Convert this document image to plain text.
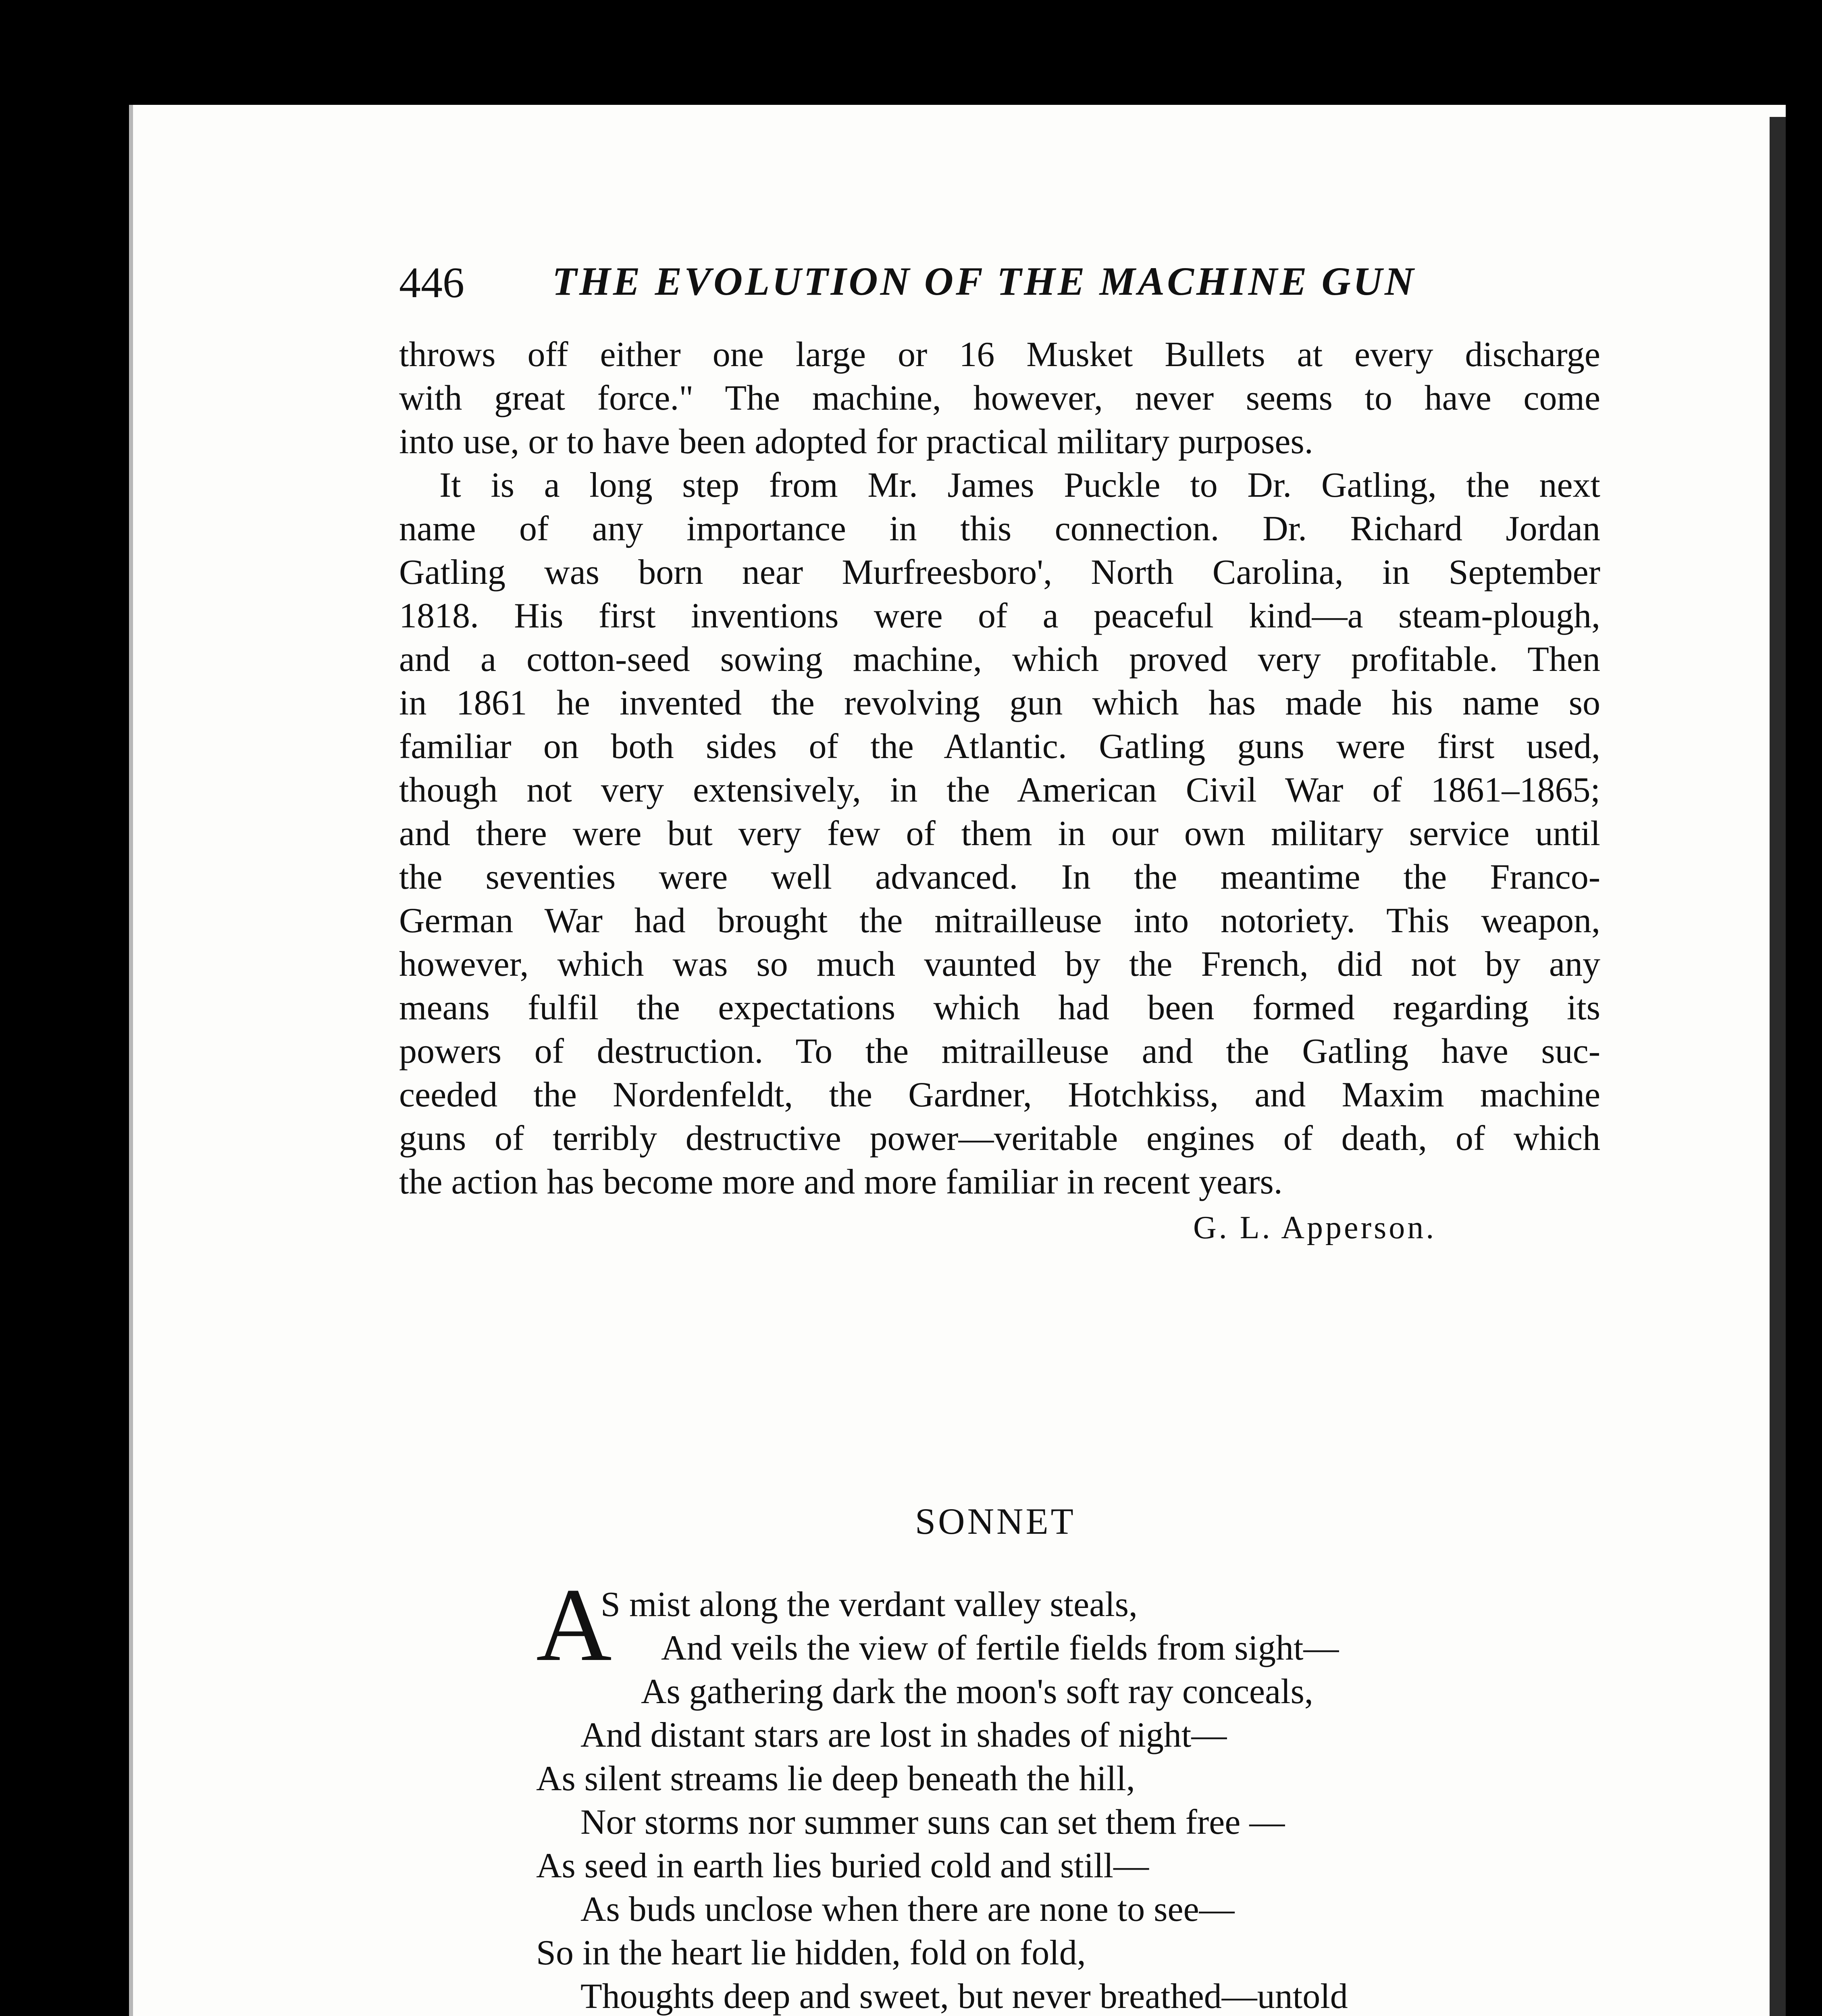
446 THE EVOLUTION OF THE MACHINE GUN
throws off either one large or 16 Musket Bullets at every discharge
with great force." The machine, however, never seems to have come
into use, or to have been adopted for practical military purposes.
It is a long step from Mr. James Puckle to Dr. Gatling, the next
name of any importance in this connection. Dr. Richard Jordan
Gatling was born near Murfreesboro', North Carolina, in September
1818. His first inventions were of a peaceful kind—a steam-plough,
and a cotton-seed sowing machine, which proved very profitable. Then
in 1861 he invented the revolving gun which has made his name so
familiar on both sides of the Atlantic. Gatling guns were first used,
though not very extensively, in the American Civil War of 1861–1865;
and there were but very few of them in our own military service until
the seventies were well advanced. In the meantime the Franco-
German War had brought the mitrailleuse into notoriety. This weapon,
however, which was so much vaunted by the French, did not by any
means fulfil the expectations which had been formed regarding its
powers of destruction. To the mitrailleuse and the Gatling have suc-
ceeded the Nordenfeldt, the Gardner, Hotchkiss, and Maxim machine
guns of terribly destructive power—veritable engines of death, of which
the action has become more and more familiar in recent years.
G. L. Apperson.
SONNET
A
S mist along the verdant valley steals,
And veils the view of fertile fields from sight—
As gathering dark the moon's soft ray conceals,
And distant stars are lost in shades of night—
As silent streams lie deep beneath the hill,
Nor storms nor summer suns can set them free —
As seed in earth lies buried cold and still—
As buds unclose when there are none to see—
So in the heart lie hidden, fold on fold,
Thoughts deep and sweet, but never breathed—untold
